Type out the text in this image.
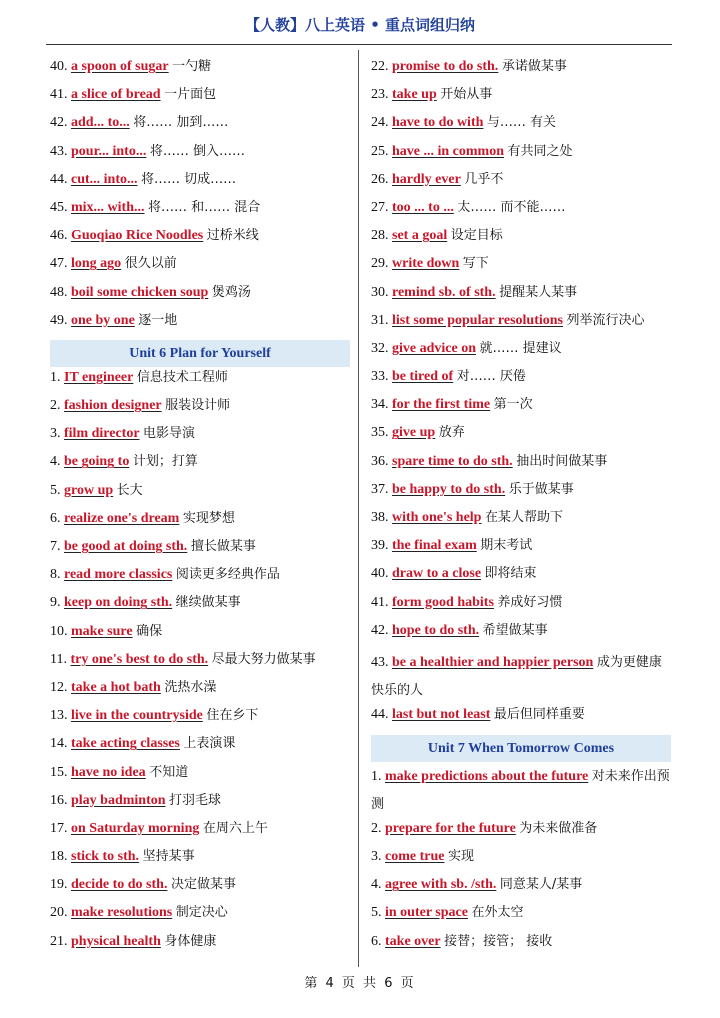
【人教】八上英语 • 重点词组归纳
40. a spoon of sugar 一勺糖
41. a slice of bread 一片面包
42. add... to... 将…… 加到……
43. pour... into... 将…… 倒入……
44. cut... into... 将…… 切成……
45. mix... with... 将…… 和…… 混合
46. Guoqiao Rice Noodles 过桥米线
47. long ago 很久以前
48. boil some chicken soup 煲鸡汤
49. one by one 逐一地
Unit 6 Plan for Yourself
1. IT engineer 信息技术工程师
2. fashion designer 服装设计师
3. film director 电影导演
4. be going to 计划；打算
5. grow up 长大
6. realize one's dream 实现梦想
7. be good at doing sth. 擅长做某事
8. read more classics 阅读更多经典作品
9. keep on doing sth. 继续做某事
10. make sure 确保
11. try one's best to do sth. 尽最大努力做某事
12. take a hot bath 洗热水澡
13. live in the countryside 住在乡下
14. take acting classes 上表演课
15. have no idea 不知道
16. play badminton 打羽毛球
17. on Saturday morning 在周六上午
18. stick to sth. 坚持某事
19. decide to do sth. 决定做某事
20. make resolutions 制定决心
21. physical health 身体健康
22. promise to do sth. 承诺做某事
23. take up 开始从事
24. have to do with 与…… 有关
25. have ... in common 有共同之处
26. hardly ever 几乎不
27. too ... to ... 太…… 而不能……
28. set a goal 设定目标
29. write down 写下
30. remind sb. of sth. 提醒某人某事
31. list some popular resolutions 列举流行决心
32. give advice on 就…… 提建议
33. be tired of 对…… 厌倦
34. for the first time 第一次
35. give up 放弃
36. spare time to do sth. 抽出时间做某事
37. be happy to do sth. 乐于做某事
38. with one's help 在某人帮助下
39. the final exam 期末考试
40. draw to a close 即将结束
41. form good habits 养成好习惯
42. hope to do sth. 希望做某事
43. be a healthier and happier person 成为更健康快乐的人
44. last but not least 最后但同样重要
Unit 7 When Tomorrow Comes
1. make predictions about the future 对未来作出预测
2. prepare for the future 为未来做准备
3. come true 实现
4. agree with sb. /sth. 同意某人/某事
5. in outer space 在外太空
6. take over 接替；接管； 接收
第 4 页 共 6 页
